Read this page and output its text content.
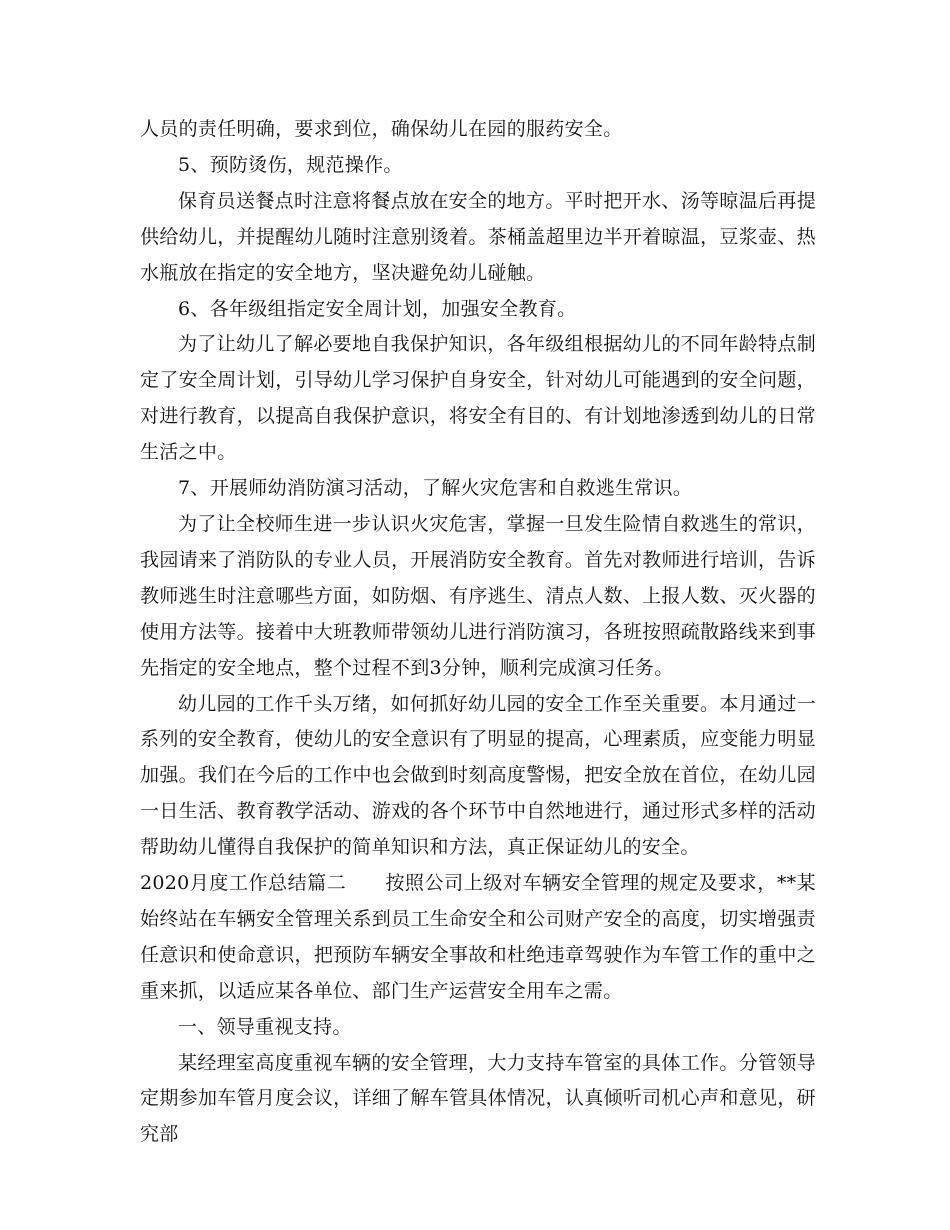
人员的责任明确，要求到位，确保幼儿在园的服药安全。

5、预防烫伤，规范操作。

保育员送餐点时注意将餐点放在安全的地方。平时把开水、汤等晾温后再提供给幼儿，并提醒幼儿随时注意别烫着。茶桶盖超里边半开着晾温，豆浆壶、热水瓶放在指定的安全地方，坚决避免幼儿碰触。

6、各年级组指定安全周计划，加强安全教育。

为了让幼儿了解必要地自我保护知识，各年级组根据幼儿的不同年龄特点制定了安全周计划，引导幼儿学习保护自身安全，针对幼儿可能遇到的安全问题，对进行教育，以提高自我保护意识，将安全有目的、有计划地渗透到幼儿的日常生活之中。

7、开展师幼消防演习活动，了解火灾危害和自救逃生常识。

为了让全校师生进一步认识火灾危害，掌握一旦发生险情自救逃生的常识，我园请来了消防队的专业人员，开展消防安全教育。首先对教师进行培训，告诉教师逃生时注意哪些方面，如防烟、有序逃生、清点人数、上报人数、灭火器的使用方法等。接着中大班教师带领幼儿进行消防演习，各班按照疏散路线来到事先指定的安全地点，整个过程不到3分钟，顺利完成演习任务。

幼儿园的工作千头万绪，如何抓好幼儿园的安全工作至关重要。本月通过一系列的安全教育，使幼儿的安全意识有了明显的提高，心理素质，应变能力明显加强。我们在今后的工作中也会做到时刻高度警惕，把安全放在首位，在幼儿园一日生活、教育教学活动、游戏的各个环节中自然地进行，通过形式多样的活动帮助幼儿懂得自我保护的简单知识和方法，真正保证幼儿的安全。

2020月度工作总结篇二　　按照公司上级对车辆安全管理的规定及要求，**某始终站在车辆安全管理关系到员工生命安全和公司财产安全的高度，切实增强责任意识和使命意识，把预防车辆安全事故和杜绝违章驾驶作为车管工作的重中之重来抓，以适应某各单位、部门生产运营安全用车之需。

一、领导重视支持。

某经理室高度重视车辆的安全管理，大力支持车管室的具体工作。分管领导定期参加车管月度会议，详细了解车管具体情况，认真倾听司机心声和意见，研究部
